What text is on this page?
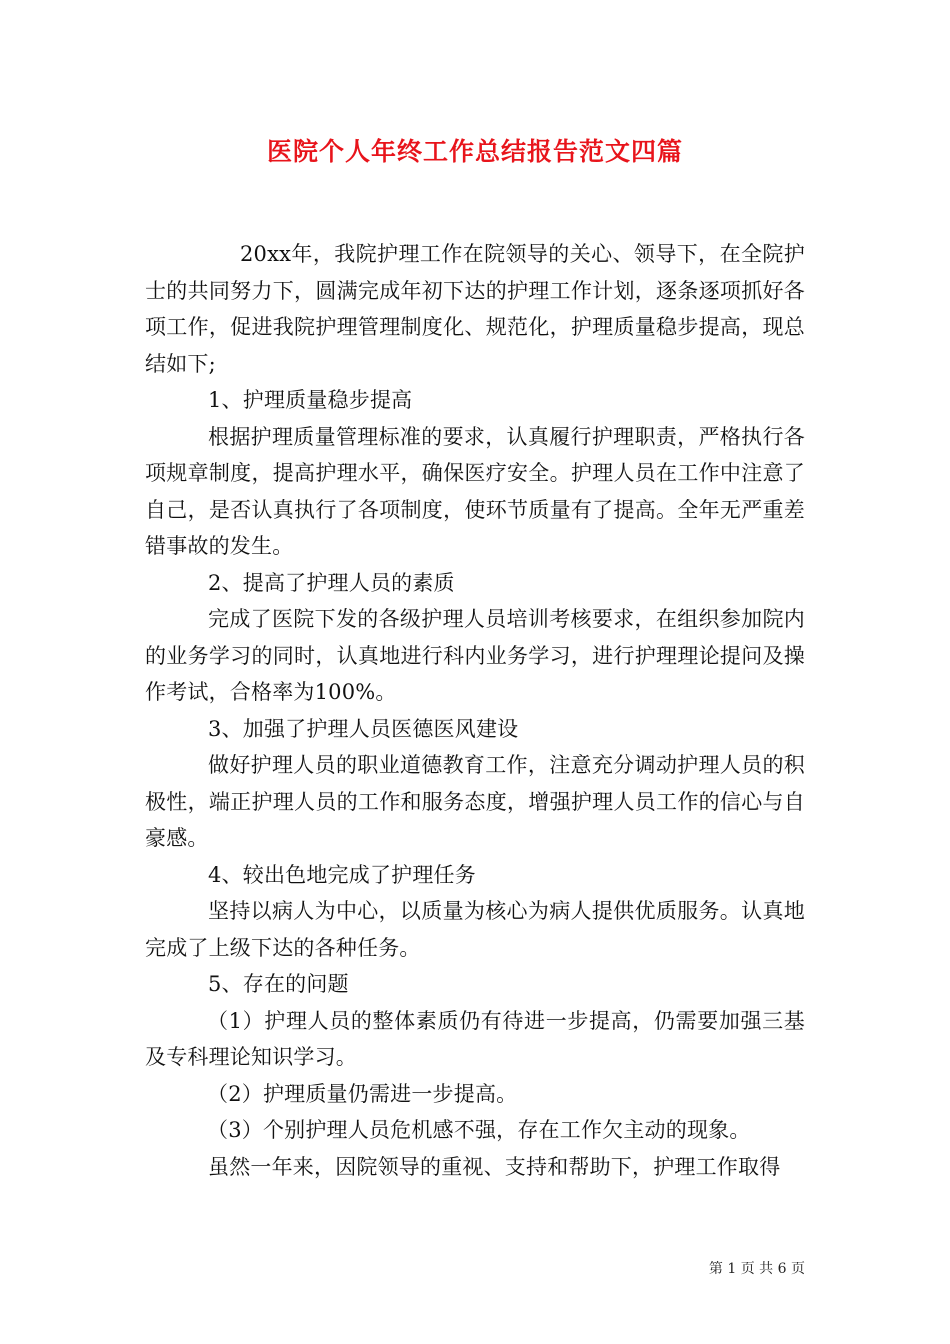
医院个人年终工作总结报告范文四篇

20xx年，我院护理工作在院领导的关心、领导下，在全院护士的共同努力下，圆满完成年初下达的护理工作计划，逐条逐项抓好各项工作，促进我院护理管理制度化、规范化，护理质量稳步提高，现总结如下;

1、护理质量稳步提高

根据护理质量管理标准的要求，认真履行护理职责，严格执行各项规章制度，提高护理水平，确保医疗安全。护理人员在工作中注意了自己，是否认真执行了各项制度，使环节质量有了提高。全年无严重差错事故的发生。

2、提高了护理人员的素质

完成了医院下发的各级护理人员培训考核要求，在组织参加院内的业务学习的同时，认真地进行科内业务学习，进行护理理论提问及操作考试，合格率为100%。

3、加强了护理人员医德医风建设

做好护理人员的职业道德教育工作，注意充分调动护理人员的积极性，端正护理人员的工作和服务态度，增强护理人员工作的信心与自豪感。

4、较出色地完成了护理任务

坚持以病人为中心，以质量为核心为病人提供优质服务。认真地完成了上级下达的各种任务。

5、存在的问题

（1）护理人员的整体素质仍有待进一步提高，仍需要加强三基及专科理论知识学习。

（2）护理质量仍需进一步提高。

（3）个别护理人员危机感不强，存在工作欠主动的现象。

虽然一年来，因院领导的重视、支持和帮助下，护理工作取得

第 1 页 共 6 页
